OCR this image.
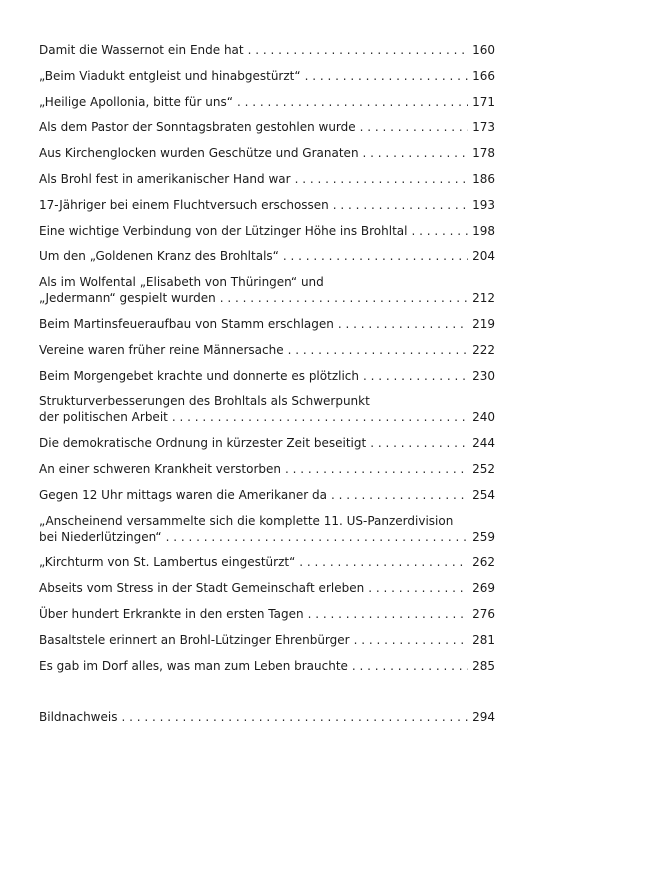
Damit die Wassernot ein Ende hat . . .	160
„Beim Viadukt entgleist und hinabgestürzt“ . . .	166
„Heilige Apollonia, bitte für uns“ . . .	171
Als dem Pastor der Sonntagsbraten gestohlen wurde . . .	173
Aus Kirchenglocken wurden Geschütze und Granaten . . .	178
Als Brohl fest in amerikanischer Hand war . . .	186
17-Jähriger bei einem Fluchtversuch erschossen . . .	193
Eine wichtige Verbindung von der Lützinger Höhe ins Brohltal . . .	198
Um den „Goldenen Kranz des Brohltals“ . . .	204
Als im Wolfental „Elisabeth von Thüringen“ und
„Jedermann“ gespielt wurden . . .	212
Beim Martinsfeueraufbau von Stamm erschlagen . . .	219
Vereine waren früher reine Männersache . . .	222
Beim Morgengebet krachte und donnerte es plötzlich . . .	230
Strukturverbesserungen des Brohltals als Schwerpunkt
der politischen Arbeit . . .	240
Die demokratische Ordnung in kürzester Zeit beseitigt . . .	244
An einer schweren Krankheit verstorben . . .	252
Gegen 12 Uhr mittags waren die Amerikaner da . . .	254
„Anscheinend versammelte sich die komplette 11. US-Panzerdivision
bei Niederlützingen“ . . .	259
„Kirchturm von St. Lambertus eingestürzt“ . . .	262
Abseits vom Stress in der Stadt Gemeinschaft erleben . . .	269
Über hundert Erkrankte in den ersten Tagen . . .	276
Basaltstele erinnert an Brohl-Lützinger Ehrenbürger . . .	281
Es gab im Dorf alles, was man zum Leben brauchte . . .	285
Bildnachweis . . .	294
